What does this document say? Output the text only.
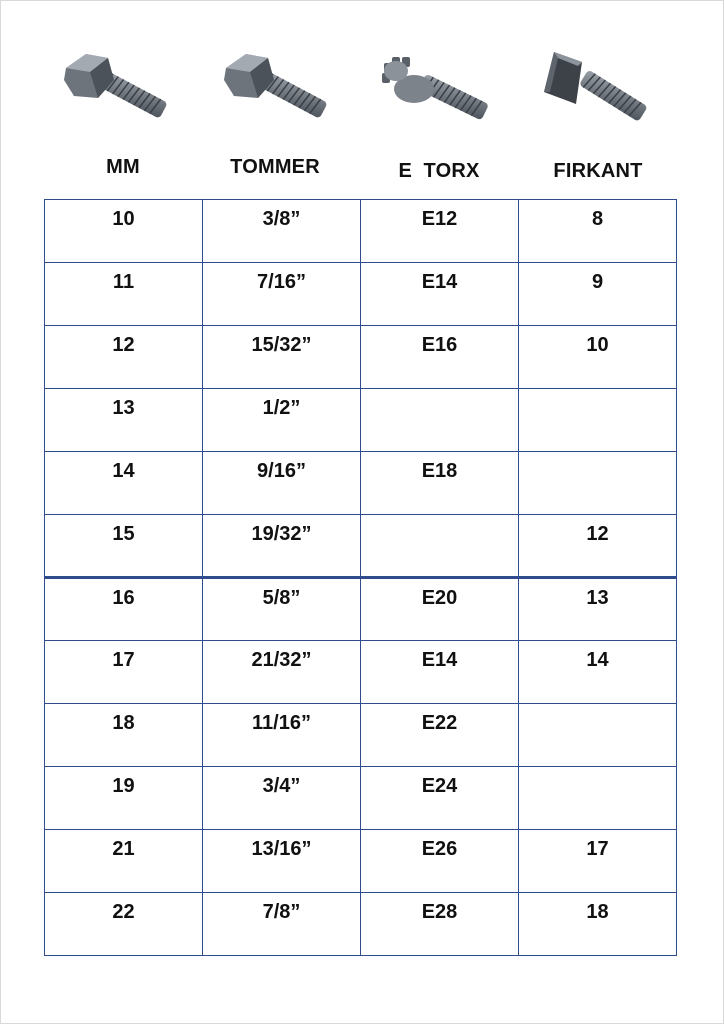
MM	TOMMER	E  TORX	FIRKANT
10	3/8”	E12	8
11	7/16”	E14	9
12	15/32”	E16	10
13	1/2”		
14	9/16”	E18	
15	19/32”		12
16	5/8”	E20	13
17	21/32”	E14	14
18	11/16”	E22	
19	3/4”	E24	
21	13/16”	E26	17
22	7/8”	E28	18
